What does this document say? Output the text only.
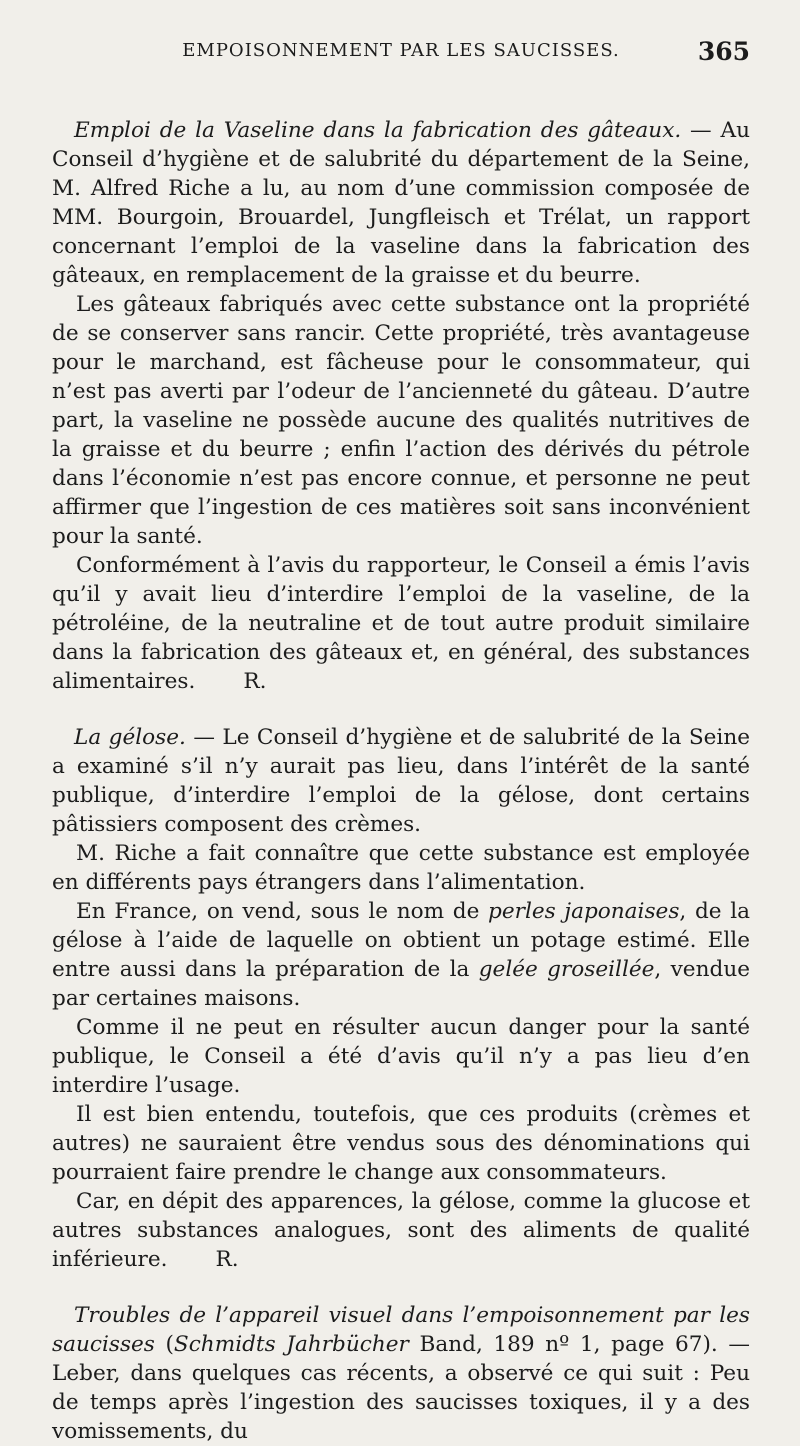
EMPOISONNEMENT PAR LES SAUCISSES.	365

Emploi de la Vaseline dans la fabrication des gâteaux. — Au Conseil d’hygiène et de salubrité du département de la Seine, M. Alfred Riche a lu, au nom d’une commission composée de MM. Bourgoin, Brouardel, Jungfleisch et Trélat, un rapport concernant l’emploi de la vaseline dans la fabrication des gâteaux, en remplacement de la graisse et du beurre.

Les gâteaux fabriqués avec cette substance ont la propriété de se conserver sans rancir. Cette propriété, très avantageuse pour le marchand, est fâcheuse pour le consommateur, qui n’est pas averti par l’odeur de l’ancienneté du gâteau. D’autre part, la vaseline ne possède aucune des qualités nutritives de la graisse et du beurre ; enfin l’action des dérivés du pétrole dans l’économie n’est pas encore connue, et personne ne peut affirmer que l’ingestion de ces matières soit sans inconvénient pour la santé.

Conformément à l’avis du rapporteur, le Conseil a émis l’avis qu’il y avait lieu d’interdire l’emploi de la vaseline, de la pétroléine, de la neutraline et de tout autre produit similaire dans la fabrication des gâteaux et, en général, des substances alimentaires. R.

La gélose. — Le Conseil d’hygiène et de salubrité de la Seine a examiné s’il n’y aurait pas lieu, dans l’intérêt de la santé publique, d’interdire l’emploi de la gélose, dont certains pâtissiers composent des crèmes.

M. Riche a fait connaître que cette substance est employée en différents pays étrangers dans l’alimentation.

En France, on vend, sous le nom de perles japonaises, de la gélose à l’aide de laquelle on obtient un potage estimé. Elle entre aussi dans la préparation de la gelée groseillée, vendue par certaines maisons.

Comme il ne peut en résulter aucun danger pour la santé publique, le Conseil a été d’avis qu’il n’y a pas lieu d’en interdire l’usage.

Il est bien entendu, toutefois, que ces produits (crèmes et autres) ne sauraient être vendus sous des dénominations qui pourraient faire prendre le change aux consommateurs.

Car, en dépit des apparences, la gélose, comme la glucose et autres substances analogues, sont des aliments de qualité inférieure. R.

Troubles de l’appareil visuel dans l’empoisonnement par les saucisses (Schmidts Jahrbücher Band, 189 nº 1, page 67). — Leber, dans quelques cas récents, a observé ce qui suit : Peu de temps après l’ingestion des saucisses toxiques, il y a des vomissements, du
